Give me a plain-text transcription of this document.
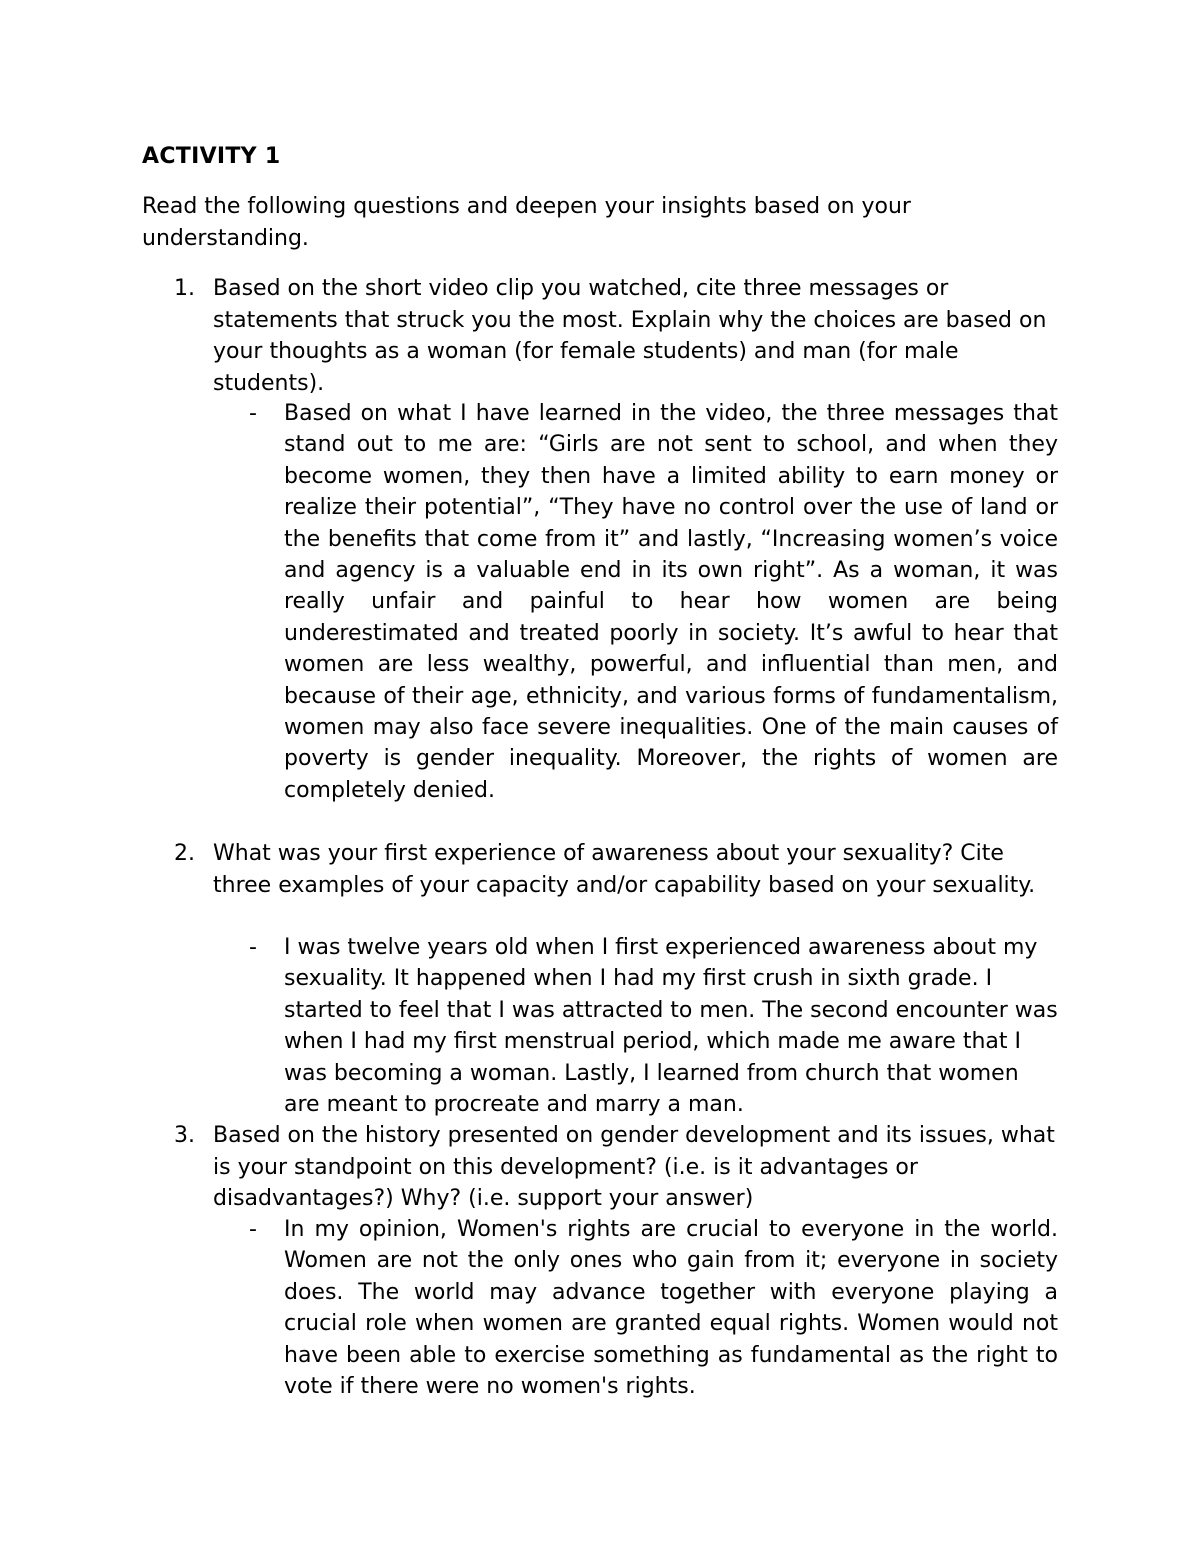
ACTIVITY 1
Read the following questions and deepen your insights based on your understanding.
1. Based on the short video clip you watched, cite three messages or statements that struck you the most. Explain why the choices are based on your thoughts as a woman (for female students) and man (for male students).
- Based on what I have learned in the video, the three messages that stand out to me are: “Girls are not sent to school, and when they become women, they then have a limited ability to earn money or realize their potential”, “They have no control over the use of land or the benefits that come from it” and lastly, “Increasing women’s voice and agency is a valuable end in its own right”. As a woman, it was really unfair and painful to hear how women are being underestimated and treated poorly in society. It’s awful to hear that women are less wealthy, powerful, and influential than men, and because of their age, ethnicity, and various forms of fundamentalism, women may also face severe inequalities. One of the main causes of poverty is gender inequality. Moreover, the rights of women are completely denied.
2. What was your first experience of awareness about your sexuality? Cite three examples of your capacity and/or capability based on your sexuality.
- I was twelve years old when I first experienced awareness about my sexuality. It happened when I had my first crush in sixth grade. I started to feel that I was attracted to men. The second encounter was when I had my first menstrual period, which made me aware that I was becoming a woman. Lastly, I learned from church that women are meant to procreate and marry a man.
3. Based on the history presented on gender development and its issues, what is your standpoint on this development? (i.e. is it advantages or disadvantages?) Why? (i.e. support your answer)
- In my opinion, Women's rights are crucial to everyone in the world. Women are not the only ones who gain from it; everyone in society does. The world may advance together with everyone playing a crucial role when women are granted equal rights. Women would not have been able to exercise something as fundamental as the right to vote if there were no women's rights.
